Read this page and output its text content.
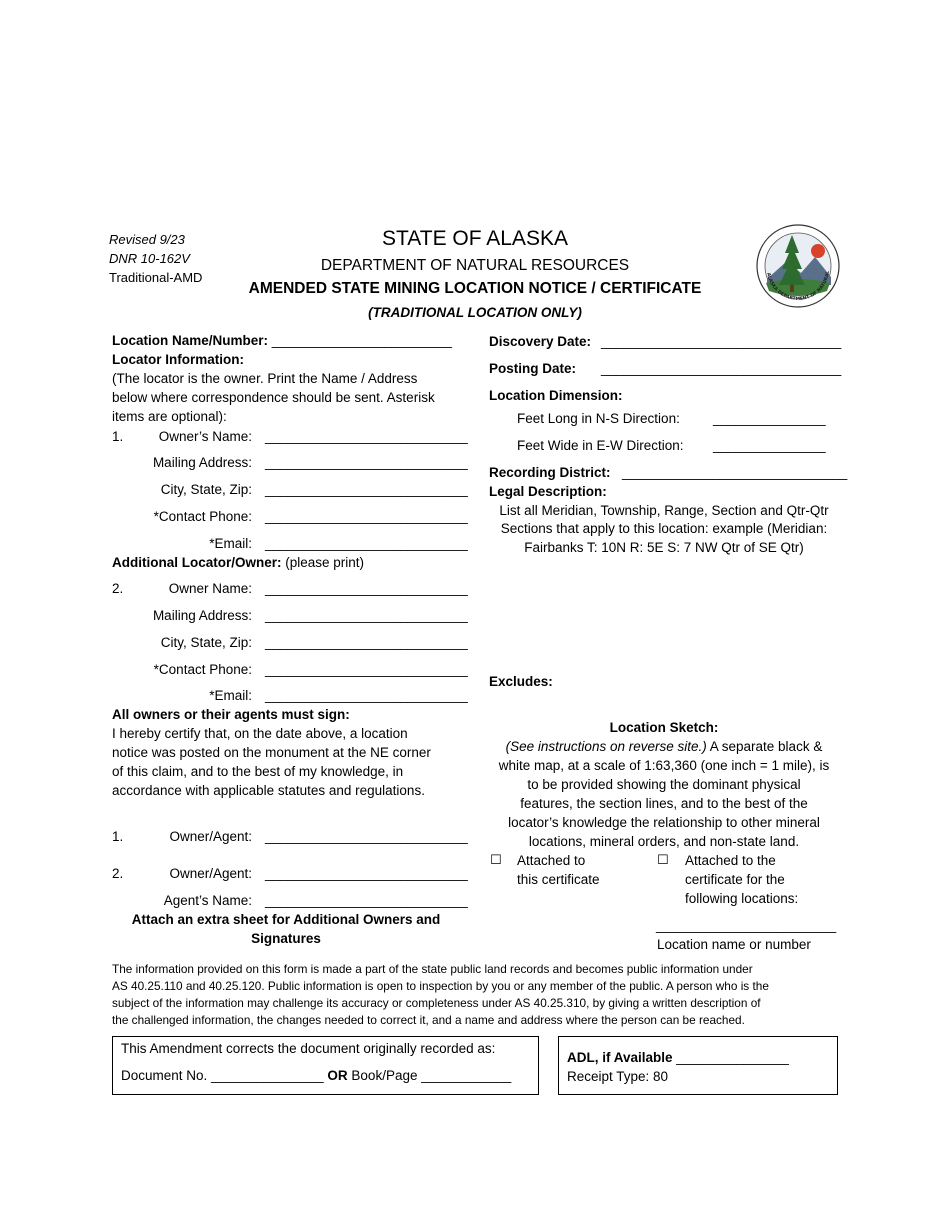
Revised 9/23
DNR 10-162V
Traditional-AMD
STATE OF ALASKA
DEPARTMENT OF NATURAL RESOURCES
AMENDED STATE MINING LOCATION NOTICE / CERTIFICATE
(TRADITIONAL LOCATION ONLY)
ALASKA DEPARTMENT OF NATURAL
Location Name/Number: ________________________
Locator Information:
(The locator is the owner. Print the Name / Address
below where correspondence should be sent. Asterisk
items are optional):
1.	Owner’s Name: ___________________________
Mailing Address: ___________________________
City, State, Zip: ___________________________
*Contact Phone: ___________________________
*Email: ___________________________
Additional Locator/Owner: (please print)
2.	Owner Name: ___________________________
Mailing Address: ___________________________
City, State, Zip: ___________________________
*Contact Phone: ___________________________
*Email: ___________________________
All owners or their agents must sign:
I hereby certify that, on the date above, a location
notice was posted on the monument at the NE corner
of this claim, and to the best of my knowledge, in
accordance with applicable statutes and regulations.
1.	Owner/Agent: ___________________________
2.	Owner/Agent: ___________________________
Agent’s Name: ___________________________
Attach an extra sheet for Additional Owners and
Signatures
Discovery Date: ________________________________
Posting Date: ________________________________
Location Dimension:
Feet Long in N-S Direction: _______________
Feet Wide in E-W Direction: _______________
Recording District: ______________________________
Legal Description:
List all Meridian, Township, Range, Section and Qtr-Qtr
Sections that apply to this location: example (Meridian:
Fairbanks T: 10N R: 5E S: 7 NW Qtr of SE Qtr)
Excludes:
Location Sketch:
(See instructions on reverse site.) A separate black &
white map, at a scale of 1:63,360 (one inch = 1 mile), is
to be provided showing the dominant physical
features, the section lines, and to the best of the
locator’s knowledge the relationship to other mineral
locations, mineral orders, and non-state land.
☐ Attached to
this certificate
☐ Attached to the
certificate for the
following locations:
________________________
Location name or number
The information provided on this form is made a part of the state public land records and becomes public information under
AS 40.25.110 and 40.25.120. Public information is open to inspection by you or any member of the public. A person who is the
subject of the information may challenge its accuracy or completeness under AS 40.25.310, by giving a written description of
the challenged information, the changes needed to correct it, and a name and address where the person can be reached.
This Amendment corrects the document originally recorded as:
Document No. _______________ OR Book/Page ____________
ADL, if Available _______________
Receipt Type: 80
